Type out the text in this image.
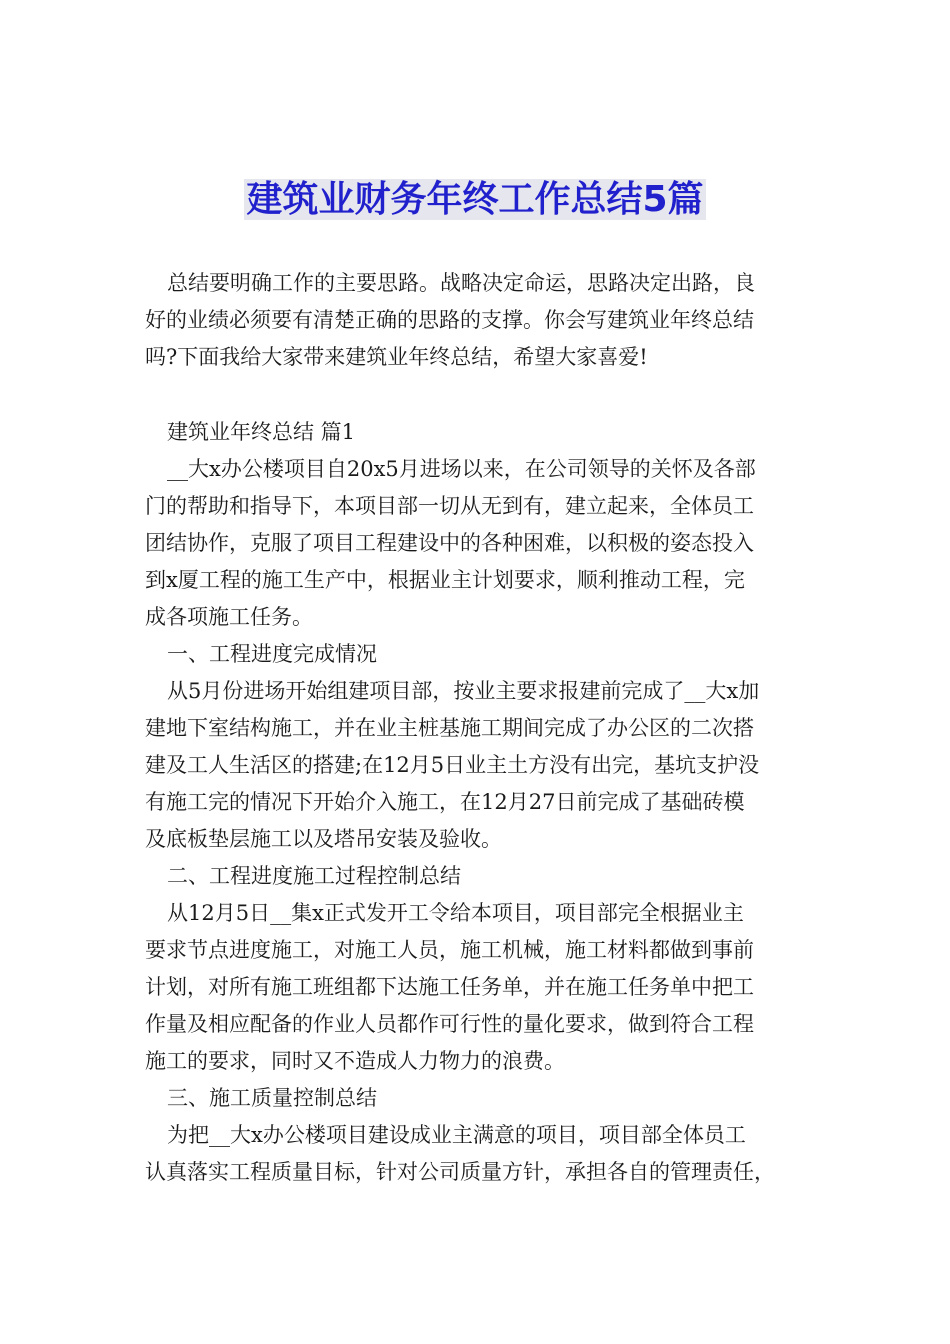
建筑业财务年终工作总结5篇
总结要明确工作的主要思路。战略决定命运，思路决定出路，良
好的业绩必须要有清楚正确的思路的支撑。你会写建筑业年终总结
吗?下面我给大家带来建筑业年终总结，希望大家喜爱!
建筑业年终总结 篇1
__大x办公楼项目自20x5月进场以来，在公司领导的关怀及各部
门的帮助和指导下，本项目部一切从无到有，建立起来，全体员工
团结协作，克服了项目工程建设中的各种困难，以积极的姿态投入
到x厦工程的施工生产中，根据业主计划要求，顺利推动工程，完
成各项施工任务。
一、工程进度完成情况
从5月份进场开始组建项目部，按业主要求报建前完成了__大x加
建地下室结构施工，并在业主桩基施工期间完成了办公区的二次搭
建及工人生活区的搭建;在12月5日业主土方没有出完，基坑支护没
有施工完的情况下开始介入施工，在12月27日前完成了基础砖模
及底板垫层施工以及塔吊安装及验收。
二、工程进度施工过程控制总结
从12月5日__集x正式发开工令给本项目，项目部完全根据业主
要求节点进度施工，对施工人员，施工机械，施工材料都做到事前
计划，对所有施工班组都下达施工任务单，并在施工任务单中把工
作量及相应配备的作业人员都作可行性的量化要求，做到符合工程
施工的要求，同时又不造成人力物力的浪费。
三、施工质量控制总结
为把__大x办公楼项目建设成业主满意的项目，项目部全体员工
认真落实工程质量目标，针对公司质量方针，承担各自的管理责任，
